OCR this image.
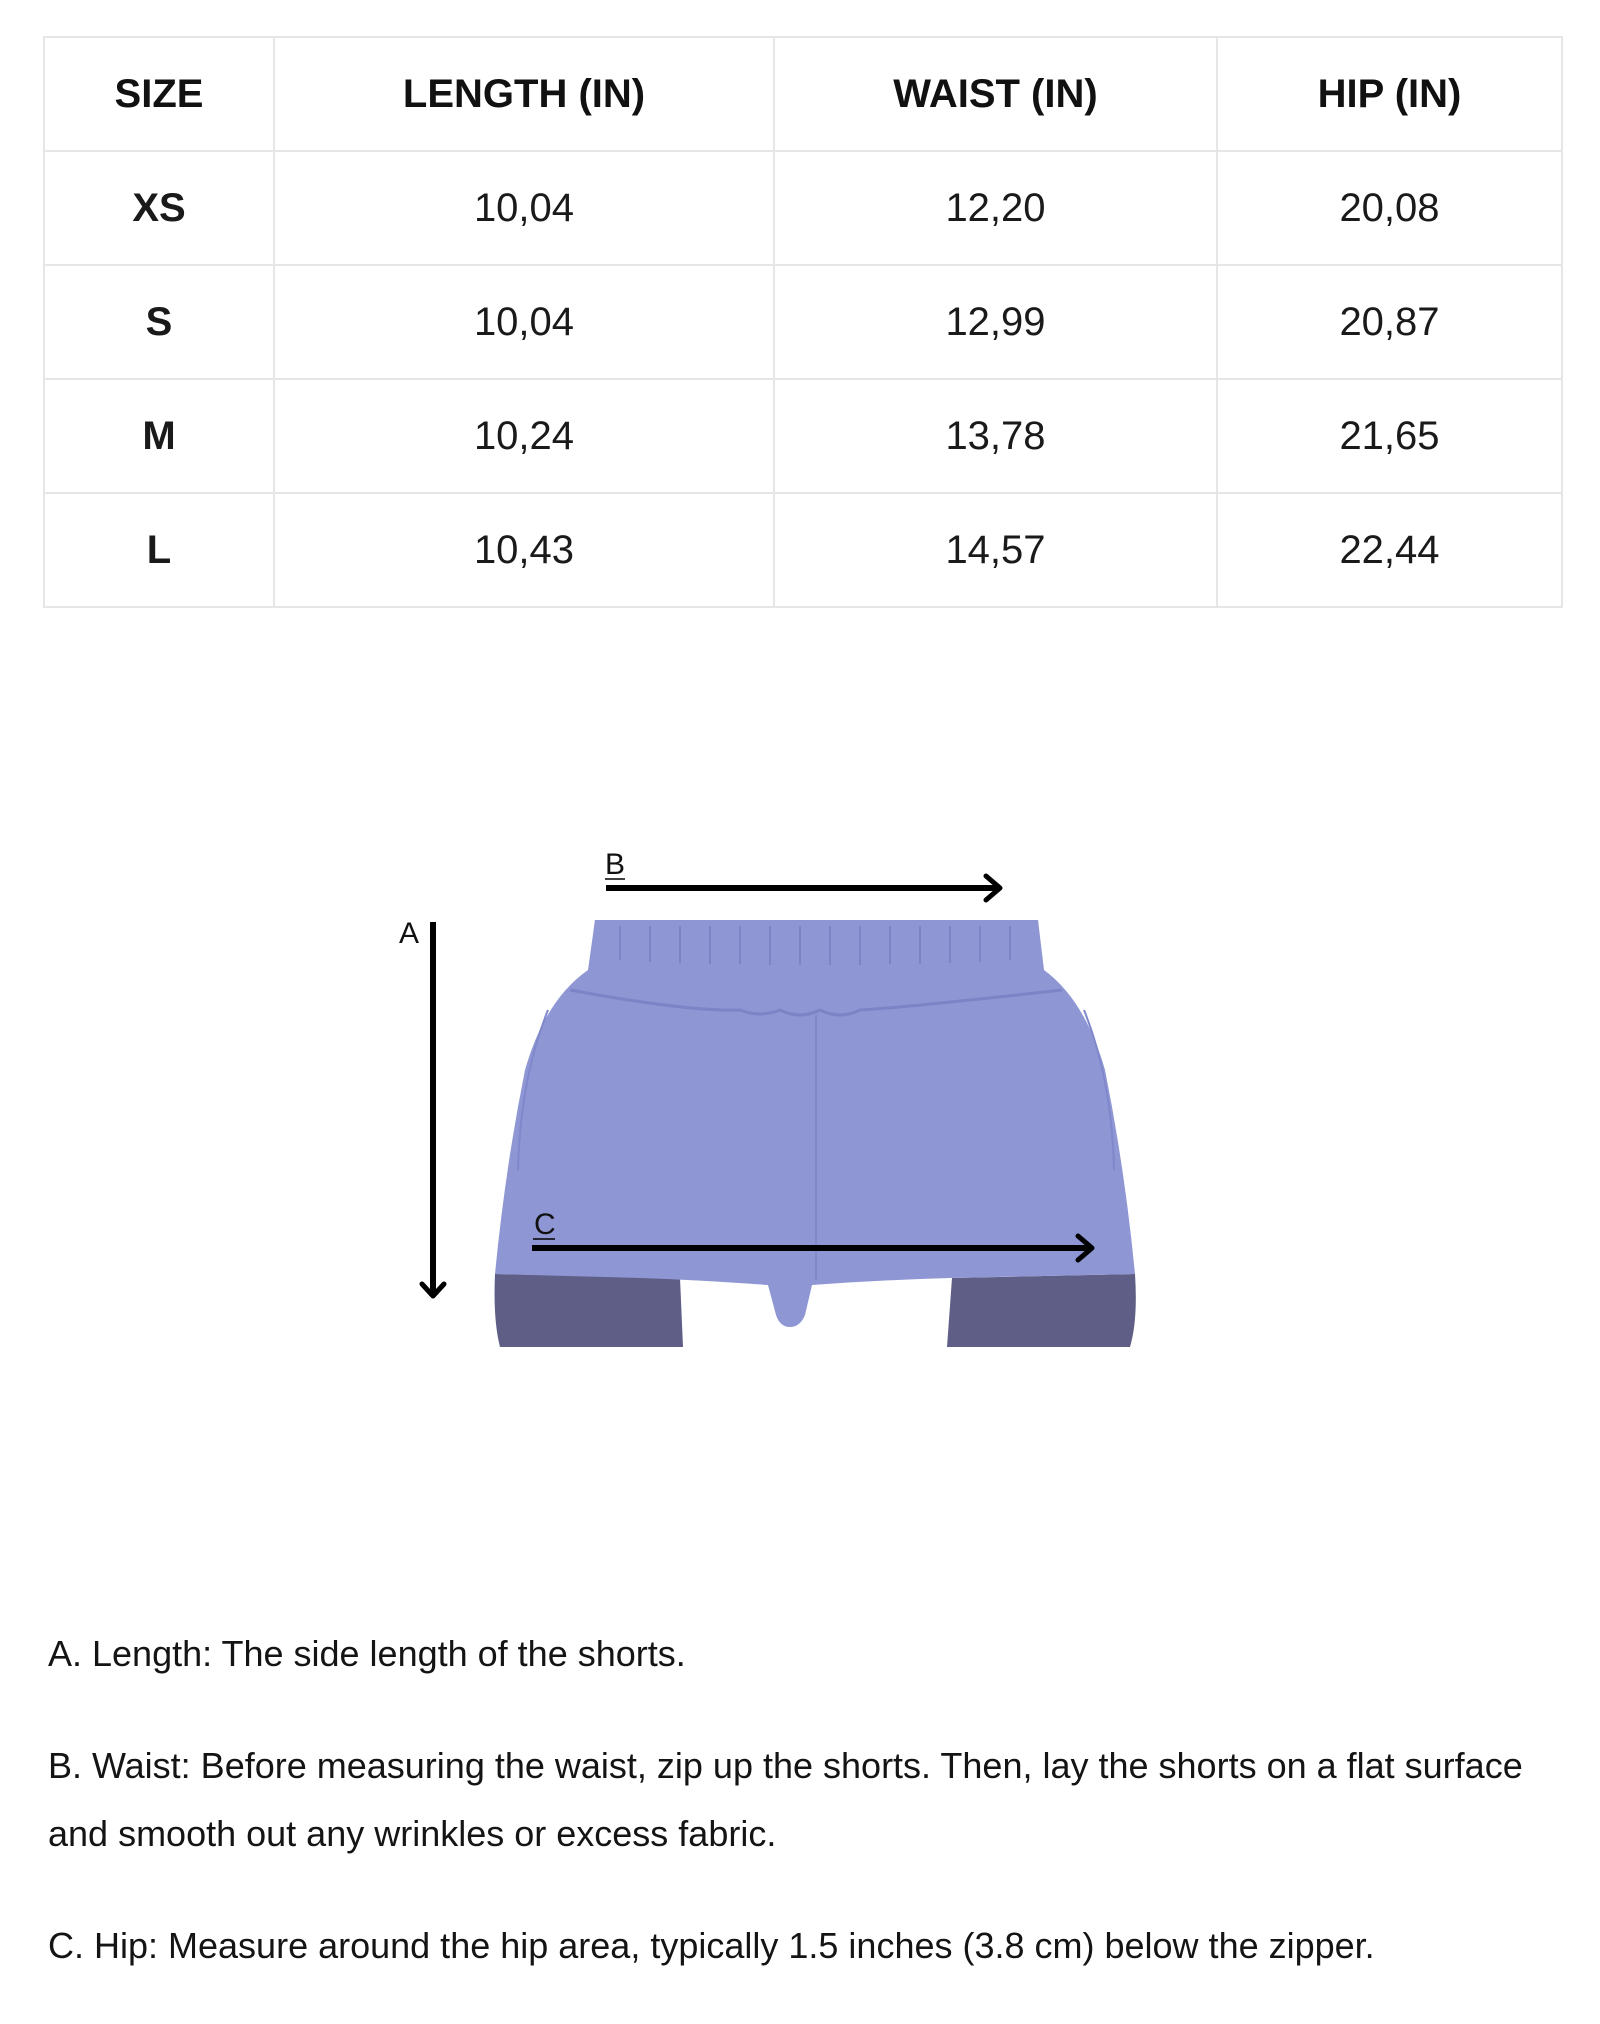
SIZE	LENGTH (IN)	WAIST (IN)	HIP (IN)
XS	10,04	12,20	20,08
S	10,04	12,99	20,87
M	10,24	13,78	21,65
L	10,43	14,57	22,44
A
B
C

A. Length: The side length of the shorts.

B. Waist: Before measuring the waist, zip up the shorts. Then, lay the shorts on a flat surface and smooth out any wrinkles or excess fabric.

C. Hip: Measure around the hip area, typically 1.5 inches (3.8 cm) below the zipper.
